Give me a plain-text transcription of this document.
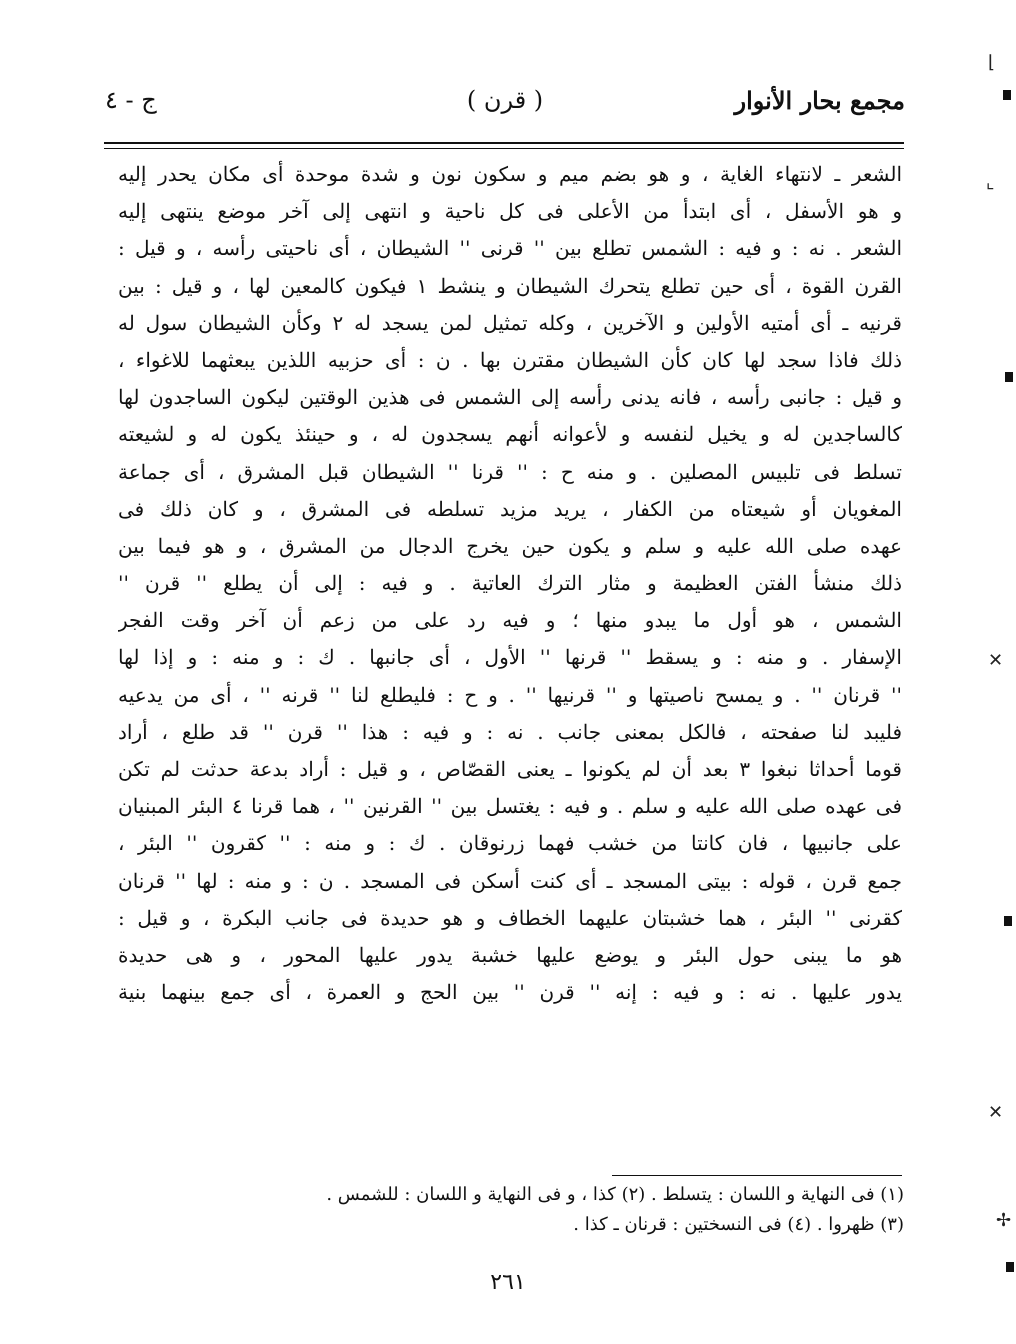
مجمع بحار الأنوار
( قرن )
ج - ٤
الشعر ـ لانتهاء الغاية ، و هو بضم ميم و سكون نون و شدة موحدة أى مكان يحدر إليه
و هو الأسفل ، أى ابتدأ من الأعلى فى كل ناحية و انتهى إلى آخر موضع ينتهى إليه
الشعر . نه : و فيه : الشمس تطلع بين '' قرنى '' الشيطان ، أى ناحيتى رأسه ، و قيل :
القرن القوة ، أى حين تطلع يتحرك الشيطان و ينشط ١ فيكون كالمعين لها ، و قيل : بين
قرنيه ـ أى أمتيه الأولين و الآخرين ، وكله تمثيل لمن يسجد له ٢ وكأن الشيطان سول له
ذلك فاذا سجد لها كان كأن الشيطان مقترن بها . ن : أى حزبيه اللذين يبعثهما للاغواء ،
و قيل : جانبى رأسه ، فانه يدنى رأسه إلى الشمس فى هذين الوقتين ليكون الساجدون لها
كالساجدين له و يخيل لنفسه و لأعوانه أنهم يسجدون له ، و حينئذ يكون له و لشيعته
تسلط فى تلبيس المصلين . و منه ح : '' قرنا '' الشيطان قبل المشرق ، أى جماعة
المغويان أو شيعتاه من الكفار ، يريد مزيد تسلطه فى المشرق ، و كان ذلك فى
عهده صلى الله عليه و سلم و يكون حين يخرج الدجال من المشرق ، و هو فيما بين
ذلك منشأ الفتن العظيمة و مثار الترك العاتية . و فيه : إلى أن يطلع '' قرن ''
الشمس ، هو أول ما يبدو منها ؛ و فيه رد على من زعم أن آخر وقت الفجر
الإسفار . و منه : و يسقط '' قرنها '' الأول ، أى جانبها . ك : و منه : و إذا لها
'' قرنان '' . و يمسح ناصيتها و '' قرنيها '' . و ح : فليطلع لنا '' قرنه '' ، أى من يدعيه
فليبد لنا صفحته ، فالكل بمعنى جانب . نه : و فيه : هذا '' قرن '' قد طلع ، أراد
قوما أحداثا نبغوا ٣ بعد أن لم يكونوا ـ يعنى القصّاص ، و قيل : أراد بدعة حدثت لم تكن
فى عهده صلى الله عليه و سلم . و فيه : يغتسل بين '' القرنين '' ، هما قرنا ٤ البئر المبنيان
على جانبيها ، فان كانتا من خشب فهما زرنوقان . ك : و منه : '' كقرون '' البئر ،
جمع قرن ، قوله : بيتى المسجد ـ أى كنت أسكن فى المسجد . ن : و منه : لها '' قرنان
كقرنى '' البئر ، هما خشبتان عليهما الخطاف و هو حديدة فى جانب البكرة ، و قيل :
هو ما يبنى حول البئر و يوضع عليها خشبة يدور عليها المحور ، و هى حديدة
يدور عليها . نه : و فيه : إنه '' قرن '' بين الحج و العمرة ، أى جمع بينهما بنية
(١) فى النهاية و اللسان : يتسلط . (٢) كذا ، و فى النهاية و اللسان : للشمس .
(٣) ظهروا . (٤) فى النسختين : قرنان ـ كذا .
٢٦١
⌊
⌞
✕
✕
✢
